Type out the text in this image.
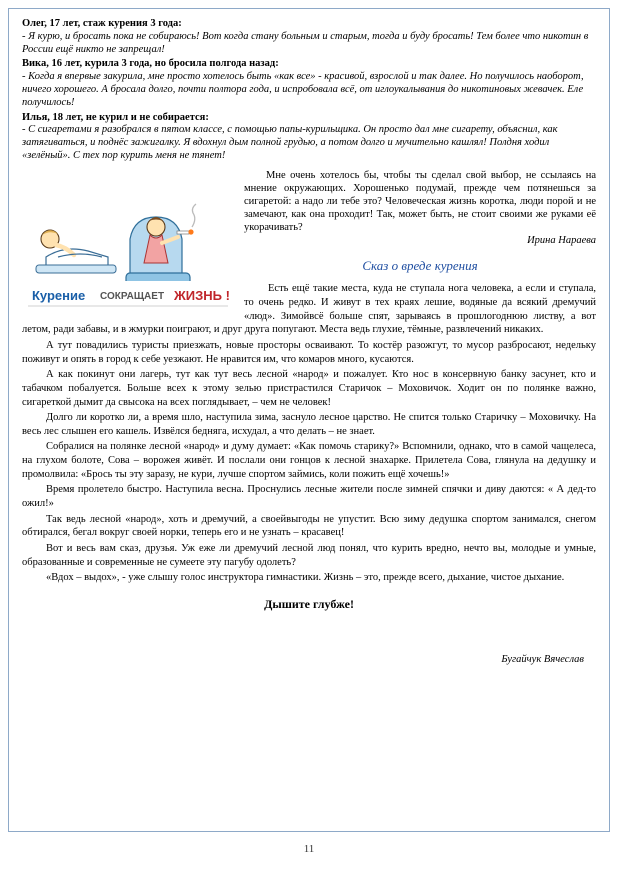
Олег, 17 лет, стаж курения 3 года:
- Я курю, и бросать пока не собираюсь! Вот когда стану больным и старым, тогда и буду бросать! Тем более что никотин в России ещё никто не запрещал!
Вика, 16 лет, курила 3 года, но бросила полгода назад:
- Когда я впервые закурила, мне просто хотелось быть «как все» - красивой, взрослой и так далее. Но получилось наоборот, ничего хорошего. А бросала долго, почти полтора года, и испробовала всё, от иглоукалывания до никотиновых жевачек. Еле получилось!
Илья, 18 лет, не курил и не собирается:
- С сигаретами я разобрался в пятом классе, с помощью папы-курильщика. Он просто дал мне сигарету, объяснил, как затягиваться, и поднёс зажигалку. Я вдохнул дым полной грудью, а потом долго и мучительно кашлял! Полдня ходил «зелёный». С тех пор курить меня не тянет!
Курение СОКРАЩАЕТ ЖИЗНЬ !
Мне очень хотелось бы, чтобы ты сделал свой выбор, не ссылаясь на мнение окружающих. Хорошенько подумай, прежде чем потянешься за сигаретой: а надо ли тебе это? Человеческая жизнь коротка, люди порой и не замечают, как она проходит! Так, может быть, не стоит своими же руками её укорачивать?
Ирина Нараева
Сказ о вреде курения

Есть ещё такие места, куда не ступала нога человека, а если и ступала, то очень редко. И живут в тех краях лешие, водяные да всякий дремучий «люд». Зимойвсё больше спят, зарываясь в прошлогоднюю листву, а вот летом, ради забавы, и в жмурки поиграют, и друг друга попугают. Места ведь глухие, тёмные, развлечений никаких.

А тут повадились туристы приезжать, новые просторы осваивают. То костёр разожгут, то мусор разбросают, недельку поживут и опять в город к себе уезжают. Не нравится им, что комаров много, кусаются.

А как покинут они лагерь, тут как тут весь лесной «народ» и пожалует. Кто нос в консервную банку засунет, кто и табачком побалуется. Больше всех к этому зелью пристрастился Старичок – Моховичок. Ходит он по полянке важно, сигареткой дымит да свысока на всех поглядывает, – чем не человек!

Долго ли коротко ли, а время шло, наступила зима, заснуло лесное царство. Не спится только Старичку – Моховичку. На весь лес слышен его кашель. Извёлся бедняга, исхудал, а что делать – не знает.

Собралися на полянке лесной «народ» и думу думает: «Как помочь старику?» Вспомнили, однако, что в самой чащелеса, на глухом болоте, Сова – ворожея живёт. И послали они гонцов к лесной знахарке. Прилетела Сова, глянула на дедушку и промолвила: «Брось ты эту заразу, не кури, лучше спортом займись, коли пожить ещё хочешь!»

Время пролетело быстро. Наступила весна. Проснулись лесные жители после зимней спячки и диву даются: « А дед-то ожил!»

Так ведь лесной «народ», хоть и дремучий, а своейвыгоды не упустит. Всю зиму дедушка спортом занимался, снегом обтирался, бегал вокруг своей норки, теперь его и не узнать – красавец!

Вот и весь вам сказ, друзья. Уж еже ли дремучий лесной люд понял, что курить вредно, нечто вы, молодые и умные, образованные и современные не сумеете эту пагубу одолеть?

«Вдох – выдох», - уже слышу голос инструктора гимнастики. Жизнь – это, прежде всего, дыхание, чистое дыхание.

Дышите глубже!
Бугайчук Вячеслав
11
